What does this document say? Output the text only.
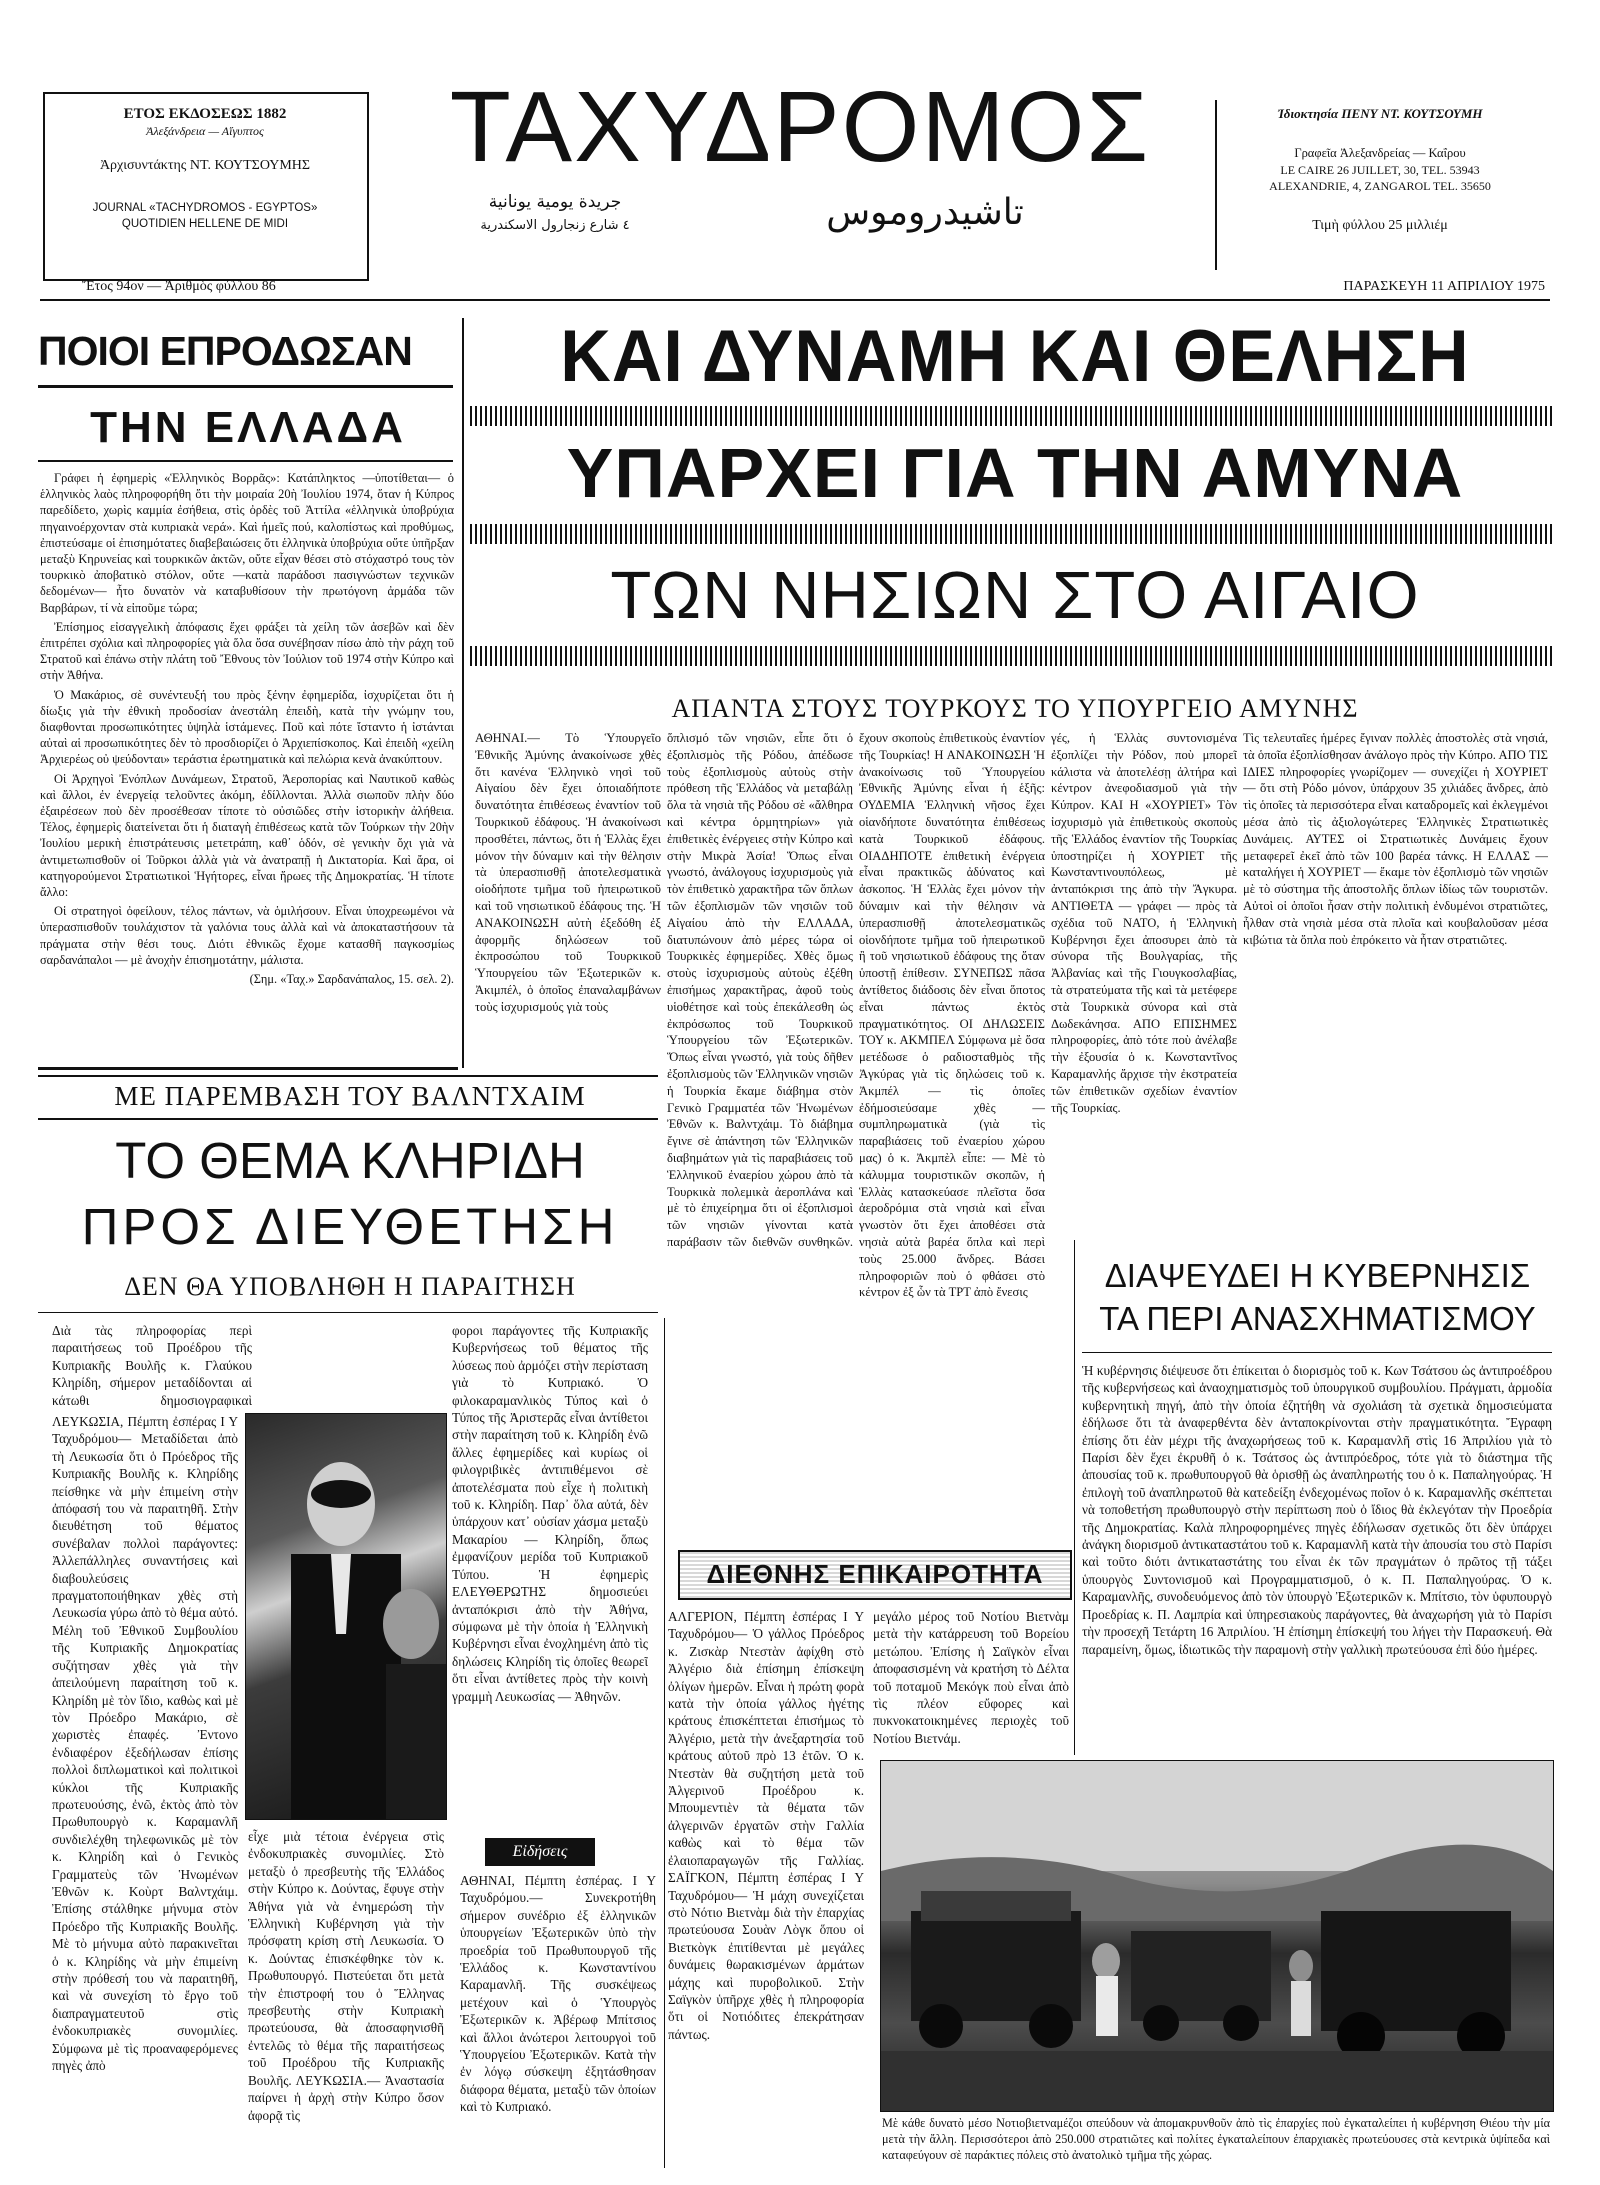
ΕΤΟΣ ΕΚΔΟΣΕΩΣ 1882
Ἀλεξάνδρεια — Αἴγυπτος
Ἀρχισυντάκτης ΝΤ. ΚΟΥΤΣΟΥΜΗΣ
JOURNAL «TACHYDROMOS - EGYPTOS»
QUOTIDIEN HELLENE DE MIDI
Ἔτος 94ον — Ἀριθμὸς φύλλου 86
ΤΑΧΥΔΡΟΜΟΣ
جريدة يومية يونانية
٤ شارع زنجارول الاسكندرية	تاشيدروموس
Ἰδιοκτησία ΠΕΝΥ ΝΤ. ΚΟΥΤΣΟΥΜΗ
Γραφεῖα Ἀλεξανδρείας — Καΐρου
LE CAIRE 26 JUILLET, 30, TEL. 53943
ALEXANDRIE, 4, ZANGAROL TEL. 35650
Τιμὴ φύλλου 25 μιλλιέμ
ΠΑΡΑΣΚΕΥΗ 11 ΑΠΡΙΛΙΟΥ 1975
ΠΟΙΟΙ ΕΠΡΟΔΩΣΑΝ
ΤΗΝ ΕΛΛΑΔΑ

Γράφει ἡ ἐφημερὶς «Ἑλληνικὸς Βορρᾶς»: Κατάπληκτος —ὑποτίθεται— ὁ ἑλληνικὸς λαὸς πληροφορήθη ὅτι τὴν μοιραία 20ὴ Ἰουλίου 1974, ὅταν ἡ Κύπρος παρεδίδετο, χωρὶς καμμία ἐσήθεια, στὶς ὀρδὲς τοῦ Ἀττίλα «ἑλληνικὰ ὑποβρύχια πηγαινοέρχονταν στὰ κυπριακὰ νερά». Καὶ ἡμεῖς πού, καλοπίστως καὶ προθύμως, ἐπιστεύσαμε οἱ ἐπισημότατες διαβεβαιώσεις ὅτι ἑλληνικὰ ὑποβρύχια οὔτε ὑπῆρξαν μεταξὺ Κηρυνείας καὶ τουρκικῶν ἀκτῶν, οὔτε εἶχαν θέσει στὸ στόχαστρό τους τὸν τουρκικὸ ἀποβατικὸ στόλον, οὔτε —κατὰ παράδοσι πασιγνώστων τεχνικῶν δεδομένων— ἦτο δυνατὸν νὰ καταβυθίσουν τὴν πρωτόγονη ἀρμάδα τῶν Βαρβάρων, τί νὰ εἰποῦμε τώρα;

Ἐπίσημος εἰσαγγελικὴ ἀπόφασις ἔχει φράξει τὰ χείλη τῶν ἀσεβῶν καὶ δὲν ἐπιτρέπει σχόλια καὶ πληροφορίες γιὰ ὅλα ὅσα συνέβησαν πίσω ἀπὸ τὴν ράχη τοῦ Στρατοῦ καὶ ἐπάνω στὴν πλάτη τοῦ Ἔθνους τὸν Ἰούλιον τοῦ 1974 στὴν Κύπρο καὶ στὴν Ἀθήνα.

Ὁ Μακάριος, σὲ συνέντευξή του πρὸς ξένην ἐφημερίδα, ἰσχυρίζεται ὅτι ἡ δίωξις γιὰ τὴν ἐθνικὴ προδοσίαν ἀνεστάλη ἐπειδὴ, κατὰ τὴν γνώμην του, διαφθονται προσωπικότητες ὑψηλὰ ἱστάμενες. Ποῦ καὶ πότε ἴσταντο ἡ ἰστάνται αὐταὶ αἱ προσωπικότητες δὲν τὸ προσδιορίζει ὁ Ἀρχιεπίσκοπος. Καὶ ἐπειδὴ «χείλη Ἀρχιερέως οὐ ψεύδονται» τεράστια ἐρωτηματικὰ καὶ πελώρια κενὰ ἀνακύπτουν.

Οἱ Ἀρχηγοὶ Ἐνόπλων Δυνάμεων, Στρατοῦ, Ἀεροπορίας καὶ Ναυτικοῦ καθὼς καὶ ἄλλοι, ἐν ἐνεργείᾳ τελοῦντες ἀκόμη, ἐδίλλονται. Ἀλλὰ σιωποῦν πλὴν δύο ἐξαιρέσεων ποὺ δὲν προσέθεσαν τίποτε τὸ οὐσιῶδες στὴν ἱστορικὴν ἀλήθεια. Τέλος, ἐφημερὶς διατείνεται ὅτι ἡ διαταγὴ ἐπιθέσεως κατὰ τῶν Τούρκων τὴν 20ὴν Ἰουλίου μερικὴ ἐπιστράτευσις μετετράπη, καθ᾽ ὁδόν, σὲ γενικὴν ὄχι γιὰ νὰ ἀντιμετωπισθοῦν οἱ Τοῦρκοι ἀλλὰ γιὰ νὰ ἀνατραπῇ ἡ Δικτατορία. Καὶ ἄρα, οἱ κατηγορούμενοι Στρατιωτικοὶ Ἡγήτορες, εἶναι ἥρωες τῆς Δημοκρατίας. Ἡ τίποτε ἄλλο:

Οἱ στρατηγοὶ ὀφείλουν, τέλος πάντων, νὰ ὁμιλήσουν. Εἶναι ὑποχρεωμένοι νὰ ὑπερασπισθοῦν τουλάχιστον τὰ γαλόνια τους ἀλλὰ καὶ νὰ ἀποκαταστήσουν τὰ πράγματα στὴν θέσι τους. Διότι ἐθνικῶς ἔχομε κατασθῆ παγκοσμίως σαρδανάπαλοι — μὲ ἀνοχὴν ἐπισημοτάτην, μάλιστα.

(Σημ. «Ταχ.» Σαρδανάπαλος, 15. σελ. 2).

ΚΑΙ ΔΥΝΑΜΗ ΚΑΙ ΘΕΛΗΣΗ
ΥΠΑΡΧΕΙ ΓΙΑ ΤΗΝ ΑΜΥΝΑ
ΤΩΝ ΝΗΣΙΩΝ ΣΤΟ ΑΙΓΑΙΟ
ΑΠΑΝΤΑ ΣΤΟΥΣ ΤΟΥΡΚΟΥΣ ΤΟ ΥΠΟΥΡΓΕΙΟ ΑΜΥΝΗΣ
ΑΘΗΝΑΙ.— Τὸ Ὑπουργεῖο Ἐθνικῆς Ἀμύνης ἀνακοίνωσε χθὲς ὅτι κανένα Ἑλληνικὸ νησὶ τοῦ Αἰγαίου δὲν ἔχει ὁποιαδήποτε δυνατότητα ἐπιθέσεως ἐναντίον τοῦ Τουρκικοῦ ἐδάφους. Ἡ ἀνακοίνωσι προσθέτει, πάντως, ὅτι ἡ Ἑλλὰς ἔχει μόνον τὴν δύναμιν καὶ τὴν θέλησιν τὰ ὑπερασπισθῇ ἀποτελεσματικὰ οἱοδήποτε τμῆμα τοῦ ἠπειρωτικοῦ καὶ τοῦ νησιωτικοῦ ἐδάφους της. Ἡ ΑΝΑΚΟΙΝΩΣΗ αὐτὴ ἐξεδόθη ἐξ ἀφορμῆς δηλώσεων τοῦ ἐκπροσώπου τοῦ Τουρκικοῦ Ὑπουργείου τῶν Ἐξωτερικῶν κ. Ἀκιμπέλ, ὁ ὁποῖος ἐπαναλαμβάνων τοὺς ἰσχυρισμούς γιὰ τοὺς
ὅπλισμό τῶν νησιῶν, εἶπε ὅτι ὁ ἐξοπλισμὸς τῆς Ρόδου, ἀπέδωσε τοὺς ἐξοπλισμοὺς αὐτοὺς στὴν πρόθεση τῆς Ἑλλάδος νὰ μεταβάλῃ ὅλα τὰ νησιὰ τῆς Ρόδου σὲ «ἄλθηρα καὶ κέντρα ὁρμητηρίων» γιὰ ἐπιθετικὲς ἐνέργειες στὴν Κύπρο καὶ στὴν Μικρὰ Ἀσία! Ὅπως εἶναι γνωστό, ἀνάλογους ἰσχυρισμοὺς γιὰ τὸν ἐπιθετικὸ χαρακτῆρα τῶν ὅπλων τῶν ἐξοπλισμῶν τῶν νησιῶν τοῦ Αἰγαίου ἀπὸ τὴν ΕΛΛΑΔΑ, διατυπώνουν ἀπὸ μέρες τώρα οἱ Τουρκικὲς ἐφημερίδες. Χθὲς ὅμως στοὺς ἰσχυρισμοὺς αὐτοὺς ἐξέθη ἐπισήμως χαρακτῆρας, ἀφοῦ τοὺς υἱοθέτησε καὶ τοὺς ἐπεκάλεσθη ὡς ἐκπρόσωπος τοῦ Τουρκικοῦ Ὑπουργείου τῶν Ἐξωτερικῶν. Ὅπως εἶναι γνωστό, γιὰ τοὺς δῆθεν ἐξοπλισμοὺς τῶν Ἑλληνικῶν νησιῶν ἡ Τουρκία ἔκαμε διάβημα στὸν Γενικὸ Γραμματέα τῶν Ἡνωμένων Ἐθνῶν κ. Βαλντχάιμ. Τὸ διάβημα ἔγινε σὲ ἀπάντηση τῶν Ἑλληνικῶν διαβημάτων γιὰ τὶς παραβιάσεις τοῦ Ἑλληνικοῦ ἐναερίου χώρου ἀπὸ τὰ Τουρκικὰ πολεμικὰ ἀεροπλάνα καὶ μὲ τὸ ἐπιχείρημα ὅτι οἱ ἐξοπλισμοὶ τῶν νησιῶν γίνονται κατὰ παράβασιν τῶν διεθνῶν συνθηκῶν.
ἔχουν σκοποὺς ἐπιθετικοὺς ἐναντίον τῆς Τουρκίας! Η ΑΝΑΚΟΙΝΩΣΗ Ἡ ἀνακοίνωσις τοῦ Ὑπουργείου Ἐθνικῆς Ἀμύνης εἶναι ἡ ἑξῆς: ΟΥΔΕΜΙΑ Ἑλληνικὴ νῆσος ἔχει οἱανδήποτε δυνατότητα ἐπιθέσεως κατὰ Τουρκικοῦ ἐδάφους. ΟΙΑΔΗΠΟΤΕ ἐπιθετικὴ ἐνέργεια εἶναι πρακτικῶς ἀδύνατος καὶ ἀσκοπος. Ἡ Ἑλλὰς ἔχει μόνον τὴν δύναμιν καὶ τὴν θέλησιν νὰ ὑπερασπισθῇ ἀποτελεσματικῶς οἱονδήποτε τμῆμα τοῦ ἠπειρωτικοῦ ἢ τοῦ νησιωτικοῦ ἐδάφους της ὅταν ὑποστῇ ἐπίθεσιν. ΣΥΝΕΠΩΣ πᾶσα ἀντίθετος διάδοσις δὲν εἶναι ὅποτος εἶναι πάντως ἐκτὸς πραγματικότητος. ΟΙ ΔΗΛΩΣΕΙΣ ΤΟΥ κ. ΑΚΜΠΕΛ Σύμφωνα μὲ ὅσα μετέδωσε ὁ ραδιοσταθμὸς τῆς Ἀγκύρας γιὰ τὶς δηλώσεις τοῦ κ. Ἀκμπέλ — τὶς ὁποῖες ἐδήμοσιεύσαμε χθὲς — συμπληρωματικὰ (γιὰ τὶς παραβιάσεις τοῦ ἐναερίου χώρου μας) ὁ κ. Ἀκμπὲλ εἶπε: — Μὲ τὸ κάλυμμα τουριστικῶν σκοπῶν, ἡ Ἑλλὰς κατασκεύασε πλεῖστα ὅσα ἀεροδρόμια στὰ νησιὰ καὶ εἶναι γνωστὸν ὅτι ἔχει ἀποθέσει στὰ νησιὰ αὐτὰ βαρέα ὅπλα καὶ περὶ τοὺς 25.000 ἄνδρες. Βάσει πληροφοριῶν ποὺ ὁ φθάσει στὸ κέντρον ἐξ ὧν τὰ ΤΡΤ ἀπὸ ἔνεσις
γές, ἡ Ἑλλὰς συντονισμένα ἐξοπλίζει τὴν Ρόδον, ποὺ μπορεῖ κάλιστα νὰ ἀποτελέσῃ ἀλτήρα καὶ κέντρον ἀνεφοδιασμοῦ γιὰ τὴν Κύπρον. ΚΑΙ Η «ΧΟΥΡΙΕΤ» Τὸν ἰσχυρισμὸ γιὰ ἐπιθετικοὺς σκοποὺς τῆς Ἑλλάδος ἐναντίον τῆς Τουρκίας ὑποστηρίζει ἡ ΧΟΥΡΙΕΤ τῆς Κωνσταντινουπόλεως, μὲ ἀνταπόκρισι της ἀπὸ τὴν Ἄγκυρα. ΑΝΤΙΘΕΤΑ — γράφει — πρὸς τὰ σχέδια τοῦ ΝΑΤΟ, ἡ Ἑλληνικὴ Κυβέρνησι ἔχει ἀποσυρει ἀπὸ τὰ σύνορα τῆς Βουλγαρίας, τῆς Ἀλβανίας καὶ τῆς Γιουγκοσλαβίας, τὰ στρατεύματα τῆς καὶ τὰ μετέφερε στὰ Τουρκικὰ σύνορα καὶ στὰ Δωδεκάνησα. ΑΠΟ ΕΠΙΣΗΜΕΣ πληροφορίες, ἀπὸ τότε ποὺ ἀνέλαβε τὴν ἐξουσία ὁ κ. Κωνσταντῖνος Καραμανλής ἄρχισε τὴν ἐκστρατεία τῶν ἐπιθετικῶν σχεδίων ἐναντίον τῆς Τουρκίας.
Τὶς τελευταῖες ἡμέρες ἔγιναν πολλὲς ἀποστολὲς στὰ νησιά, τὰ ὁποῖα ἐξοπλίσθησαν ἀνάλογο πρὸς τὴν Κύπρο. ΑΠΟ ΤΙΣ ΙΔΙΕΣ πληροφορίες γνωρίζομεν — συνεχίζει ἡ ΧΟΥΡΙΕΤ — ὅτι στὴ Ρόδο μόνον, ὑπάρχουν 35 χιλιάδες ἄνδρες, ἀπὸ τὶς ὁποῖες τὰ περισσότερα εἶναι καταδρομεῖς καὶ ἐκλεγμένοι μέσα ἀπὸ τὶς ἀξιολογώτερες Ἑλληνικὲς Στρατιωτικὲς Δυνάμεις. ΑΥΤΕΣ οἱ Στρατιωτικὲς Δυνάμεις ἔχουν μεταφερεῖ ἐκεῖ ἀπὸ τῶν 100 βαρέα τάνκς. Η ΕΛΛΑΣ — καταλήγει ἡ ΧΟΥΡΙΕΤ — ἔκαμε τὸν ἐξοπλισμὸ τῶν νησιῶν μὲ τὸ σύστημα τῆς ἀποστολῆς ὅπλων ἰδίως τῶν τουριστῶν. Αὐτοὶ οἱ ὁποῖοι ἦσαν στὴν πολιτικὴ ἐνδυμένοι στρατιῶτες, ἦλθαν στὰ νησιὰ μέσα στὰ πλοῖα καὶ κουβαλοῦσαν μέσα κιβώτια τὰ ὅπλα ποὺ ἐπρόκειτο νὰ ἦταν στρατιῶτες.
ΜΕ ΠΑΡΕΜΒΑΣΗ ΤΟΥ ΒΑΛΝΤΧΑΙΜ
ΤΟ ΘΕΜΑ ΚΛΗΡΙΔΗ
ΠΡΟΣ ΔΙΕΥΘΕΤΗΣΗ
ΔΕΝ ΘΑ ΥΠΟΒΛΗΘΗ Η ΠΑΡΑΙΤΗΣΗ
Διὰ τὰς πληροφορίας περὶ παραιτήσεως τοῦ Προέδρου τῆς Κυπριακῆς Βουλῆς κ. Γλαύκου Κληρίδη, σήμερον μεταδίδονται αἱ κάτωθι δημοσιογραφικαὶ
ΛΕΥΚΩΣΙΑ, Πέμπτη ἐσπέρας Ι Υ Ταχυδρόμου— Μεταδίδεται ἀπὸ τὴ Λευκωσία ὅτι ὁ Πρόεδρος τῆς Κυπριακῆς Βουλῆς κ. Κληρίδης πείσθηκε νὰ μὴν ἐπιμείνη στὴν ἀπόφασή του νὰ παραιτηθῆ. Στὴν διευθέτηση τοῦ θέματος συνέβαλαν πολλοὶ παράγοντες: Ἀλλεπάλληλες συναντήσεις καὶ διαβουλεύσεις πραγματοποιήθηκαν χθὲς στὴ Λευκωσία γύρω ἀπὸ τὸ θέμα αὐτό. Μέλη τοῦ Ἐθνικοῦ Συμβουλίου τῆς Κυπριακῆς Δημοκρατίας συζήτησαν χθὲς γιὰ τὴν ἀπειλούμενη παραίτηση τοῦ κ. Κληρίδη μὲ τὸν ἴδιο, καθὼς καὶ μὲ τὸν Πρόεδρο Μακάριο, σὲ χωριστὲς ἐπαφές. Ἐντονο ἐνδιαφέρον ἐξεδήλωσαν ἐπίσης πολλοὶ διπλωματικοὶ καὶ πολιτικοὶ κύκλοι τῆς Κυπριακῆς πρωτευούσης, ἐνῶ, ἐκτὸς ἀπὸ τὸν Πρωθυπουργὸ κ. Καραμανλῆ συνδιελέχθη τηλεφωνικῶς μὲ τὸν κ. Κληρίδη καὶ ὁ Γενικὸς Γραμματεὺς τῶν Ἡνωμένων Ἐθνῶν κ. Κοὺρτ Βαλντχάιμ. Ἐπίσης στάλθηκε μήνυμα στὸν Πρόεδρο τῆς Κυπριακῆς Βουλῆς. Μὲ τὸ μήνυμα αὐτὸ παρακινεῖται ὁ κ. Κληρίδης νὰ μὴν ἐπιμείνη στὴν πρόθεσή του νὰ παραιτηθῆ, καὶ νὰ συνεχίση τὸ ἔργο τοῦ διαπραγματευτοῦ στὶς ἐνδοκυπριακὲς συνομιλίες. Σύμφωνα μὲ τὶς προαναφερόμενες πηγὲς ἀπὸ
εἶχε μιὰ τέτοια ἐνέργεια στὶς ἐνδοκυπριακὲς συνομιλίες. Στὸ μεταξὺ ὁ πρεσβευτὴς τῆς Ἑλλάδος στὴν Κύπρο κ. Δούντας, ἔφυγε στὴν Ἀθήνα γιὰ νὰ ἐνημερώση τὴν Ἑλληνικὴ Κυβέρνηση γιὰ τὴν πρόσφατη κρίση στὴ Λευκωσία. Ὁ κ. Δούντας ἐπισκέφθηκε τὸν κ. Πρωθυπουργό. Πιστεύεται ὅτι μετὰ τὴν ἐπιστροφή του ὁ Ἕλληνας πρεσβευτὴς στὴν Κυπριακὴ πρωτεύουσα, θὰ ἀποσαφηνισθῆ ἐντελῶς τὸ θέμα τῆς παραιτήσεως τοῦ Προέδρου τῆς Κυπριακῆς Βουλῆς. ΛΕΥΚΩΣΙΑ.— Ἀναστασία παίρνει ἡ ἀρχὴ στὴν Κύπρο ὅσον ἀφορᾷ τὶς
φοροι παράγοντες τῆς Κυπριακῆς Κυβερνήσεως τοῦ θέματος τῆς λύσεως ποὺ ἀρμόζει στὴν περίσταση γιὰ τὸ Κυπριακό. Ὁ φιλοκαραμανλικὸς Τύπος καὶ ὁ Τύπος τῆς Ἀριστερᾶς εἶναι ἀντίθετοι στὴν παραίτηση τοῦ κ. Κληρίδη ἐνῶ ἄλλες ἐφημερίδες καὶ κυρίως οἱ φιλογριβικὲς ἀντιπιθέμενοι σὲ ἀποτελέσματα ποὺ εἶχε ἡ πολιτικὴ τοῦ κ. Κληρίδη. Παρ᾽ ὅλα αὐτά, δὲν ὑπάρχουν κατ᾽ οὐσίαν χάσμα μεταξὺ Μακαρίου — Κληρίδη, ὅπως ἐμφανίζουν μερίδα τοῦ Κυπριακοῦ Τύπου. Ἡ ἐφημερὶς ΕΛΕΥΘΕΡΩΤΗΣ δημοσιεύει ἀνταπόκρισι ἀπὸ τὴν Ἀθήνα, σύμφωνα μὲ τὴν ὁποία ἡ Ἑλληνικὴ Κυβέρνησι εἶναι ἐνοχλημένη ἀπὸ τὶς δηλώσεις Κληρίδη τὶς ὁποῖες θεωρεῖ ὅτι εἶναι ἀντίθετες πρὸς τὴν κοινὴ γραμμὴ Λευκωσίας — Ἀθηνῶν.
Εἰδήσεις
ΑΘΗΝΑΙ, Πέμπτη ἐσπέρας. Ι Υ Ταχυδρόμου.— Συνεκροτήθη σήμερον συνέδριο ἐξ ἑλληνικῶν ὑπουργείων Ἐξωτερικῶν ὑπὸ τὴν προεδρία τοῦ Πρωθυπουργοῦ τῆς Ἑλλάδος κ. Κωνσταντίνου Καραμανλῆ. Τῆς συσκέψεως μετέχουν καὶ ὁ Ὑπουργὸς Ἐξωτερικῶν κ. Ἀβέρωφ Μπίτσιος καὶ ἄλλοι ἀνώτεροι λειτουργοὶ τοῦ Ὑπουργείου Ἐξωτερικῶν. Κατὰ τὴν ἐν λόγῳ σύσκεψη ἐξητάσθησαν διάφορα θέματα, μεταξὺ τῶν ὁποίων καὶ τὸ Κυπριακό.
ΔΙΕΘΝΗΣ ΕΠΙΚΑΙΡΟΤΗΤΑ
ΑΛΓΕΡΙΟΝ, Πέμπτη ἐσπέρας Ι Υ Ταχυδρόμου— Ὁ γάλλος Πρόεδρος κ. Ζισκὰρ Ντεστὰν ἀφίχθη στὸ Ἀλγέριο διὰ ἐπίσημη ἐπίσκεψη ὀλίγων ἡμερῶν. Εἶναι ἡ πρώτη φορὰ κατὰ τὴν ὁποία γάλλος ἡγέτης κράτους ἐπισκέπτεται ἐπισήμως τὸ Ἀλγέριο, μετὰ τὴν ἀνεξαρτησία τοῦ κράτους αὐτοῦ πρὸ 13 ἐτῶν. Ὁ κ. Ντεστὰν θὰ συζητήση μετὰ τοῦ Ἀλγερινοῦ Προέδρου κ. Μπουμεντιὲν τὰ θέματα τῶν ἀλγερινῶν ἐργατῶν στὴν Γαλλία καθὼς καὶ τὸ θέμα τῶν ἐλαιοπαραγωγῶν τῆς Γαλλίας. ΣΑΪΓΚΟΝ, Πέμπτη ἐσπέρας Ι Υ Ταχυδρόμου— Ἡ μάχη συνεχίζεται στὸ Νότιο Βιετνὰμ διὰ τὴν ἐπαρχίας πρωτεύουσα Σουὰν Λὸγκ ὅπου οἱ Βιετκὸγκ ἐπιτίθενται μὲ μεγάλες δυνάμεις θωρακισμένων ἁρμάτων μάχης καὶ πυροβολικοῦ. Στὴν Σαϊγκὸν ὑπῆρχε χθὲς ἡ πληροφορία ὅτι οἱ Νοτιόδιτες ἐπεκράτησαν πάντως.
μεγάλο μέρος τοῦ Νοτίου Βιετνὰμ μετὰ τὴν κατάρρευση τοῦ Βορείου μετώπου. Ἐπίσης ἡ Σαϊγκὸν εἶναι ἀποφασισμένη νὰ κρατήση τὸ Δέλτα τοῦ ποταμοῦ Μεκόγκ ποὺ εἶναι ἀπὸ τὶς πλέον εὔφορες καὶ πυκνοκατοικημένες περιοχὲς τοῦ Νοτίου Βιετνάμ.
ΔΙΑΨΕΥΔΕΙ Η ΚΥΒΕΡΝΗΣΙΣ
ΤΑ ΠΕΡΙ ΑΝΑΣΧΗΜΑΤΙΣΜΟΥ
Ἡ κυβέρνησις διέψευσε ὅτι ἐπίκειται ὁ διορισμὸς τοῦ κ. Κων Τσάτσου ὡς ἀντιπροέδρου τῆς κυβερνήσεως καὶ ἀναοχηματισμὸς τοῦ ὑπουργικοῦ συμβουλίου. Πράγματι, ἁρμοδία κυβερνητικὴ πηγή, ἀπὸ τὴν ὁποία ἐζητήθη νὰ σχολιάση τὰ σχετικὰ δημοσιεύματα ἐδήλωσε ὅτι τὰ ἀναφερθέντα δὲν ἀνταποκρίνονται στὴν πραγματικότητα. Ἔγραφη ἐπίσης ὅτι ἐὰν μέχρι τῆς ἀναχωρήσεως τοῦ κ. Καραμανλῆ στὶς 16 Ἀπριλίου γιὰ τὸ Παρίσι δὲν ἔχει ἐκρυθῆ ὁ κ. Τσάτσος ὡς ἀντιπρόεδρος, τότε γιὰ τὸ διάστημα τῆς ἀπουσίας τοῦ κ. πρωθυπουργοῦ θὰ ὁρισθῇ ὡς ἀναπληρωτής του ὁ κ. Παπαληγούρας. Ἡ ἐπιλογὴ τοῦ ἀναπληρωτοῦ θὰ κατεδείξη ἐνδεχομένως ποῖον ὁ κ. Καραμανλῆς σκέπτεται νὰ τοποθετήση πρωθυπουργὸ στὴν περίπτωση ποὺ ὁ ἴδιος θὰ ἐκλεγόταν τὴν Προεδρία τῆς Δημοκρατίας. Καλὰ πληροφορημένες πηγὲς ἐδήλωσαν σχετικῶς ὅτι δὲν ὑπάρχει ἀνάγκη διορισμοῦ ἀντικαταστάτου τοῦ κ. Καραμανλῆ κατὰ τὴν ἀπουσία του στὸ Παρίσι καὶ τοῦτο διότι ἀντικαταστάτης του εἶναι ἐκ τῶν πραγμάτων ὁ πρῶτος τῇ τάξει ὑπουργὸς Συντονισμοῦ καὶ Προγραμματισμοῦ, ὁ κ. Π. Παπαληγούρας. Ὁ κ. Καραμανλῆς, συνοδευόμενος ἀπὸ τὸν ὑπουργὸ Ἐξωτερικῶν κ. Μπίτσιο, τὸν ὑφυπουργὸ Προεδρίας κ. Π. Λαμπρία καὶ ὑπηρεσιακοὺς παράγοντες, θὰ ἀναχωρήση γιὰ τὸ Παρίσι τὴν προσεχῆ Τετάρτη 16 Ἀπριλίου. Ἡ ἐπίσημη ἐπίσκεψή του λήγει τὴν Παρασκευή. Θὰ παραμείνη, ὅμως, ἰδιωτικῶς τὴν παραμονὴ στὴν γαλλικὴ πρωτεύουσα ἐπὶ δύο ἡμέρες.
Μὲ κάθε δυνατὸ μέσο Νοτιοβιετναμέζοι σπεύδουν νὰ ἀπομακρυνθοῦν ἀπὸ τὶς ἐπαρχίες ποὺ ἐγκαταλείπει ἡ κυβέρνηση Θιέου τὴν μία μετὰ τὴν ἄλλη. Περισσότεροι ἀπὸ 250.000 στρατιῶτες καὶ πολίτες ἐγκαταλείπουν ἐπαρχιακὲς πρωτεύουσες στὰ κεντρικὰ ὑψίπεδα καὶ καταφεύγουν σὲ παράκτιες πόλεις στὸ ἀνατολικὸ τμῆμα τῆς χώρας.
